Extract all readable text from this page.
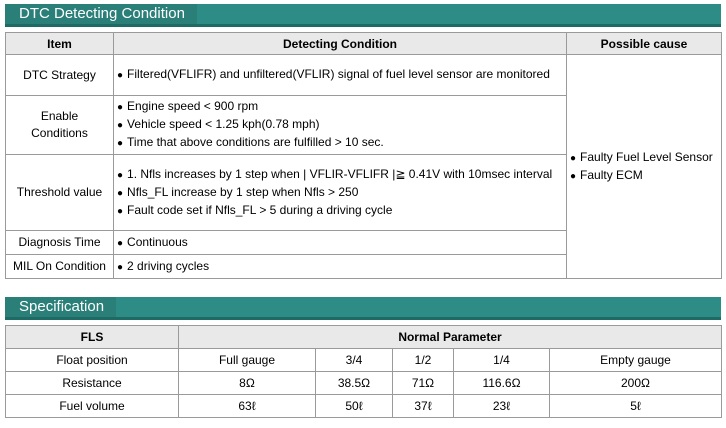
DTC Detecting Condition
Item	Detecting Condition	Possible cause
DTC Strategy	● Filtered(VFLIFR) and unfiltered(VFLIR) signal of fuel level sensor are monitored	● Faulty Fuel Level Sensor
● Faulty ECM

Enable Conditions	● Engine speed < 900 rpm
● Vehicle speed < 1.25 kph(0.78 mph)
● Time that above conditions are fulfilled > 10 sec.

Threshold value	● 1. Nfls increases by 1 step when | VFLIR-VFLIFR |≧ 0.41V with 10msec interval
● Nfls_FL increase by 1 step when Nfls > 250
● Fault code set if Nfls_FL > 5 during a driving cycle

Diagnosis Time	● Continuous

MIL On Condition	● 2 driving cycles
Specification
FLS	Normal Parameter				
Float position	Full gauge	3/4	1/2	1/4	Empty gauge
Resistance	8Ω	38.5Ω	71Ω	116.6Ω	200Ω
Fuel volume	63ℓ	50ℓ	37ℓ	23ℓ	5ℓ
